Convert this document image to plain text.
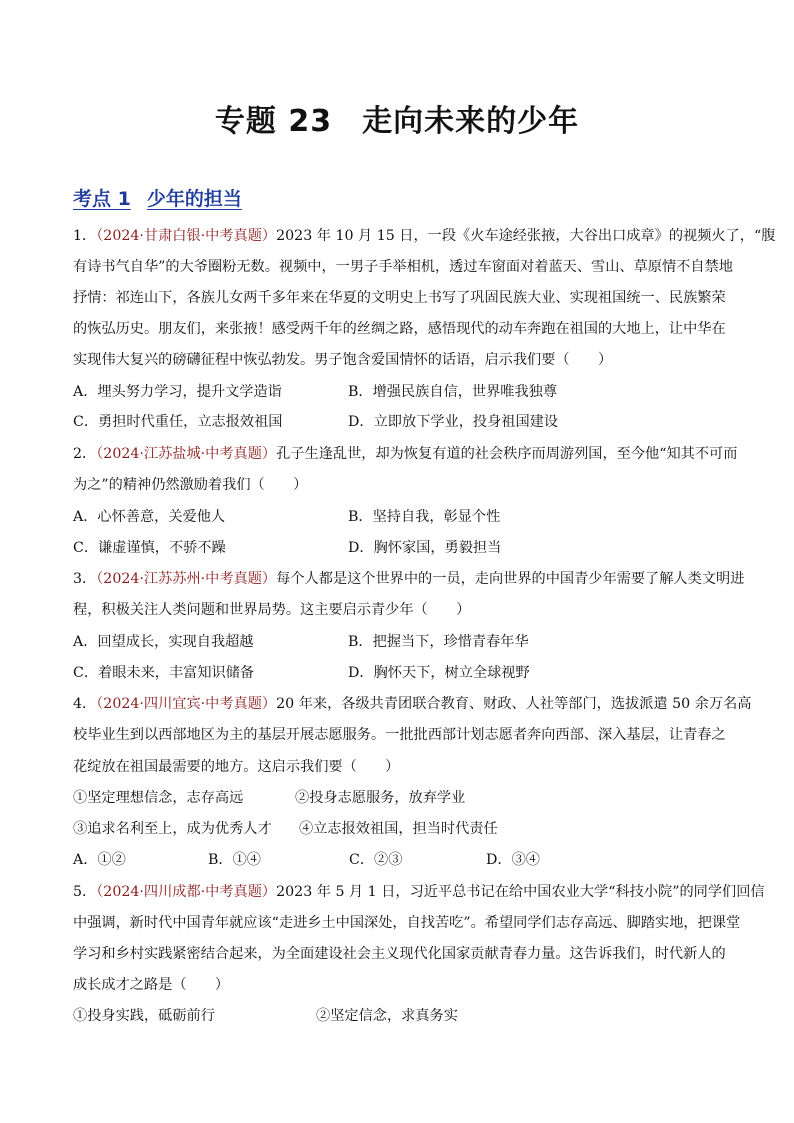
专题 23 走向未来的少年
考点 1 少年的担当
1．（2024·甘肃白银·中考真题）2023 年 10 月 15 日，一段《火车途经张掖，大谷出口成章》的视频火了，“腹
有诗书气自华”的大爷圈粉无数。视频中，一男子手举相机，透过车窗面对着蓝天、雪山、草原情不自禁地
抒情：祁连山下，各族儿女两千多年来在华夏的文明史上书写了巩固民族大业、实现祖国统一、民族繁荣
的恢弘历史。朋友们，来张掖！感受两千年的丝绸之路，感悟现代的动车奔跑在祖国的大地上，让中华在
实现伟大复兴的磅礴征程中恢弘勃发。男子饱含爱国情怀的话语，启示我们要（　　）
A．埋头努力学习，提升文学造诣	B．增强民族自信，世界唯我独尊
C．勇担时代重任，立志报效祖国	D．立即放下学业，投身祖国建设
2．（2024·江苏盐城·中考真题）孔子生逢乱世，却为恢复有道的社会秩序而周游列国，至今他“知其不可而
为之”的精神仍然激励着我们（　　）
A．心怀善意，关爱他人	B．坚持自我，彰显个性
C．谦虚谨慎，不骄不躁	D．胸怀家国，勇毅担当
3．（2024·江苏苏州·中考真题）每个人都是这个世界中的一员，走向世界的中国青少年需要了解人类文明进
程，积极关注人类问题和世界局势。这主要启示青少年（　　）
A．回望成长，实现自我超越	B．把握当下，珍惜青春年华
C．着眼未来，丰富知识储备	D．胸怀天下，树立全球视野
4．（2024·四川宜宾·中考真题）20 年来，各级共青团联合教育、财政、人社等部门，选拔派遣 50 余万名高
校毕业生到以西部地区为主的基层开展志愿服务。一批批西部计划志愿者奔向西部、深入基层，让青春之
花绽放在祖国最需要的地方。这启示我们要（　　）
①坚定理想信念，志存高远	②投身志愿服务，放弃学业
③追求名利至上，成为优秀人才 ④立志报效祖国，担当时代责任
A．①②	B．①④	C．②③	D．③④
5．（2024·四川成都·中考真题）2023 年 5 月 1 日，习近平总书记在给中国农业大学“科技小院”的同学们回信
中强调，新时代中国青年就应该“走进乡土中国深处，自找苦吃”。希望同学们志存高远、脚踏实地，把课堂
学习和乡村实践紧密结合起来，为全面建设社会主义现代化国家贡献青春力量。这告诉我们，时代新人的
成长成才之路是（　　）
①投身实践，砥砺前行	②坚定信念，求真务实
